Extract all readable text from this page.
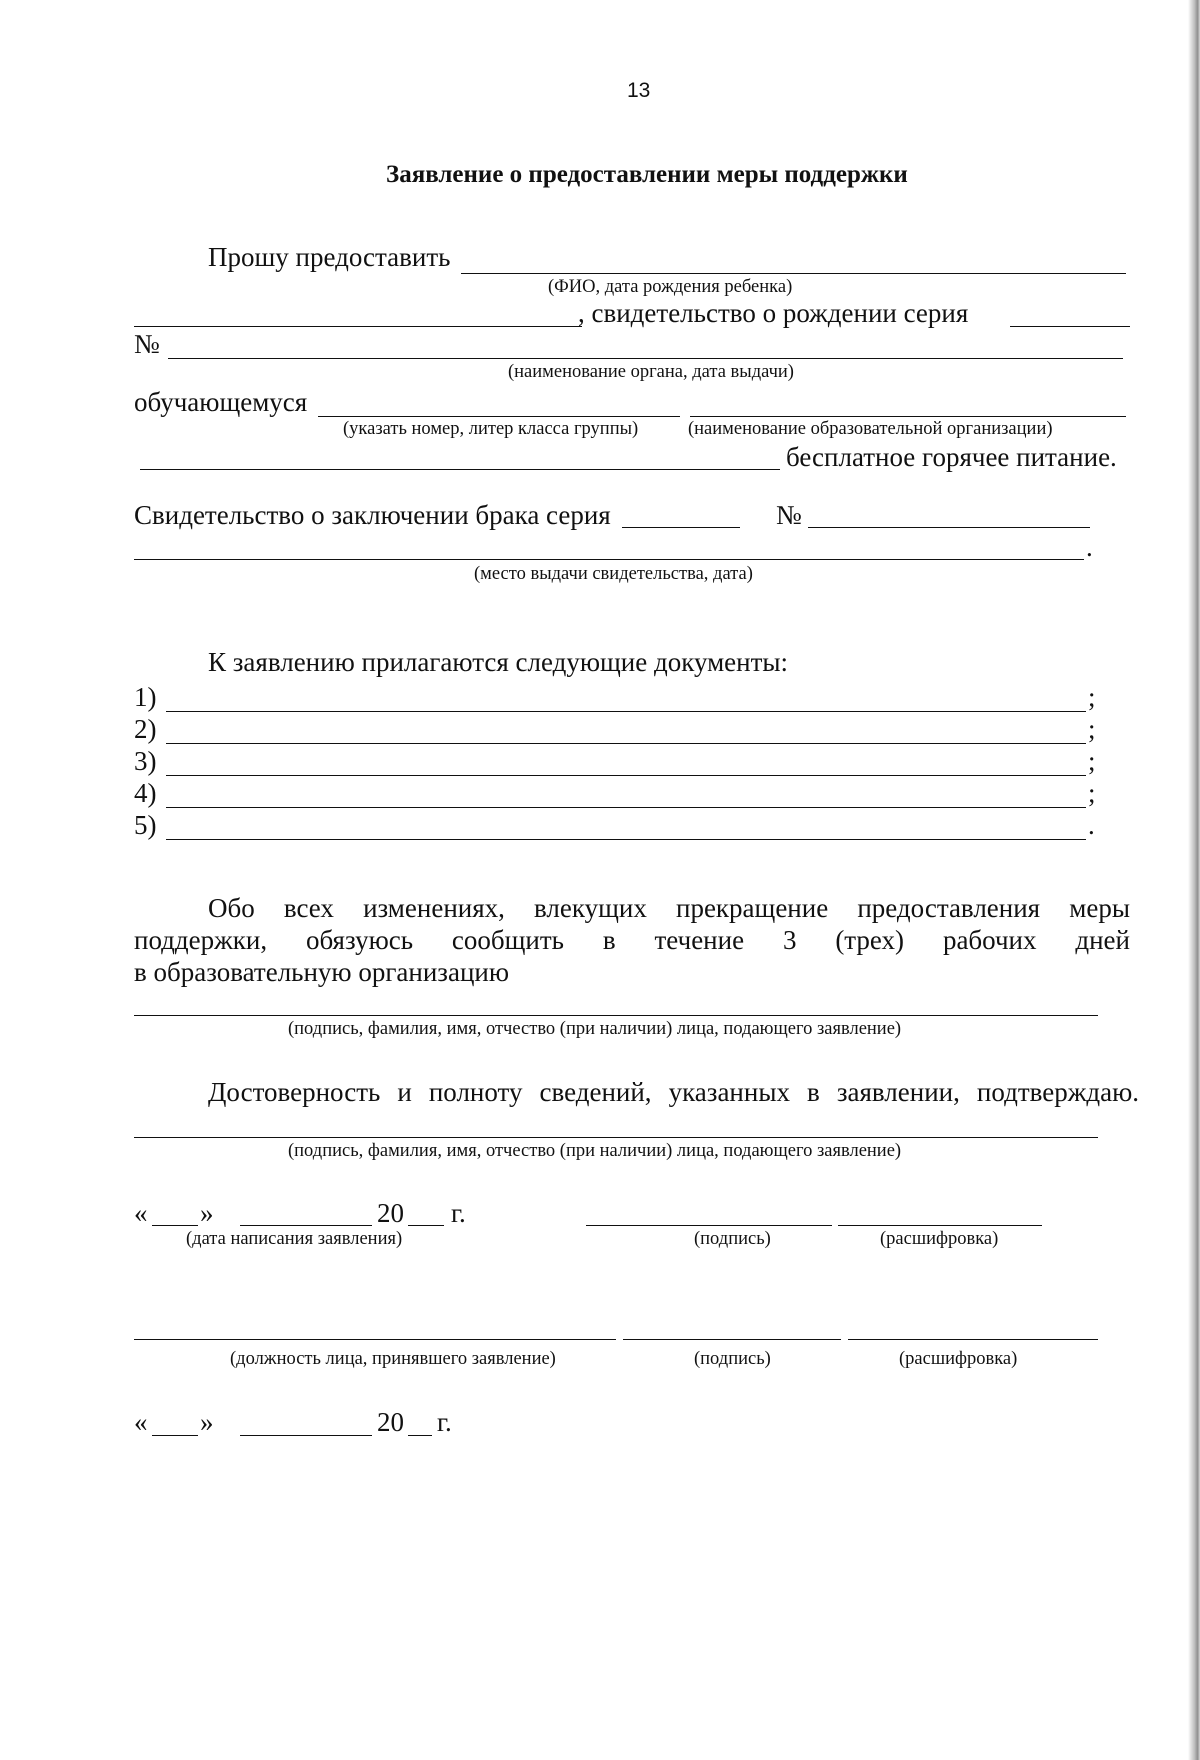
13
Заявление о предоставлении меры поддержки
Прошу предоставить
(ФИО, дата рождения ребенка)
, свидетельство о рождении серия
№
(наименование органа, дата выдачи)
обучающемуся
(указать номер, литер класса группы)	(наименование образовательной организации)
бесплатное горячее питание.
Свидетельство о заключении брака серия	№
.
(место выдачи свидетельства, дата)
К заявлению прилагаются следующие документы:
1)	;
2)	;
3)	;
4)	;
5)	.
Обо всех изменениях, влекущих прекращение предоставления меры
поддержки, обязуюсь сообщить в течение 3 (трех) рабочих дней
в образовательную организацию
(подпись, фамилия, имя, отчество (при наличии) лица, подающего заявление)
Достоверность и полноту сведений, указанных в заявлении, подтверждаю.
(подпись, фамилия, имя, отчество (при наличии) лица, подающего заявление)
« »	20 г.
(дата написания заявления)	(подпись)	(расшифровка)
(должность лица, принявшего заявление)	(подпись)	(расшифровка)
« »	20 г.
